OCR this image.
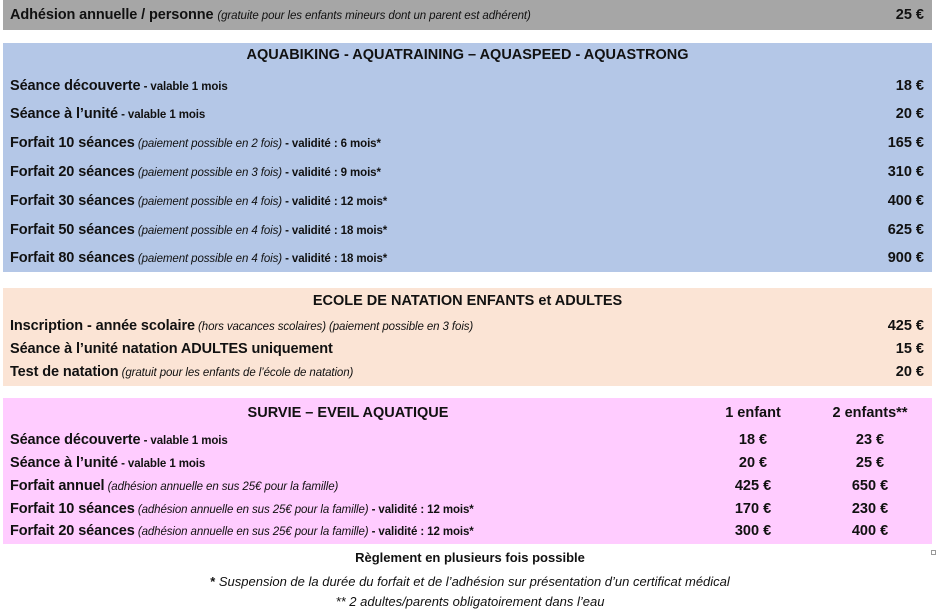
Adhésion annuelle / personne (gratuite pour les enfants mineurs dont un parent est adhérent)	25 €
AQUABIKING - AQUATRAINING – AQUASPEED - AQUASTRONG
Séance découverte - valable 1 mois	18 €
Séance à l’unité - valable 1 mois	20 €
Forfait 10 séances (paiement possible en 2 fois) - validité : 6 mois*	165 €
Forfait 20 séances (paiement possible en 3 fois) - validité : 9 mois*	310 €
Forfait 30 séances (paiement possible en 4 fois) - validité : 12 mois*	400 €
Forfait 50 séances (paiement possible en 4 fois) - validité : 18 mois*	625 €
Forfait 80 séances (paiement possible en 4 fois) - validité : 18 mois*	900 €
ECOLE DE NATATION ENFANTS et ADULTES
Inscription - année scolaire (hors vacances scolaires) (paiement possible en 3 fois)	425 €
Séance à l’unité natation ADULTES uniquement	15 €
Test de natation (gratuit pour les enfants de l’école de natation)	20 €
SURVIE – EVEIL AQUATIQUE	1 enfant	2 enfants**
Séance découverte - valable 1 mois	18 €	23 €
Séance à l’unité - valable 1 mois	20 €	25 €
Forfait annuel (adhésion annuelle en sus 25€ pour la famille)	425 €	650 €
Forfait 10 séances (adhésion annuelle en sus 25€ pour la famille) - validité : 12 mois*	170 €	230 €
Forfait 20 séances (adhésion annuelle en sus 25€ pour la famille) - validité : 12 mois*	300 €	400 €
Règlement en plusieurs fois possible
* Suspension de la durée du forfait et de l’adhésion sur présentation d’un certificat médical
** 2 adultes/parents obligatoirement dans l’eau
